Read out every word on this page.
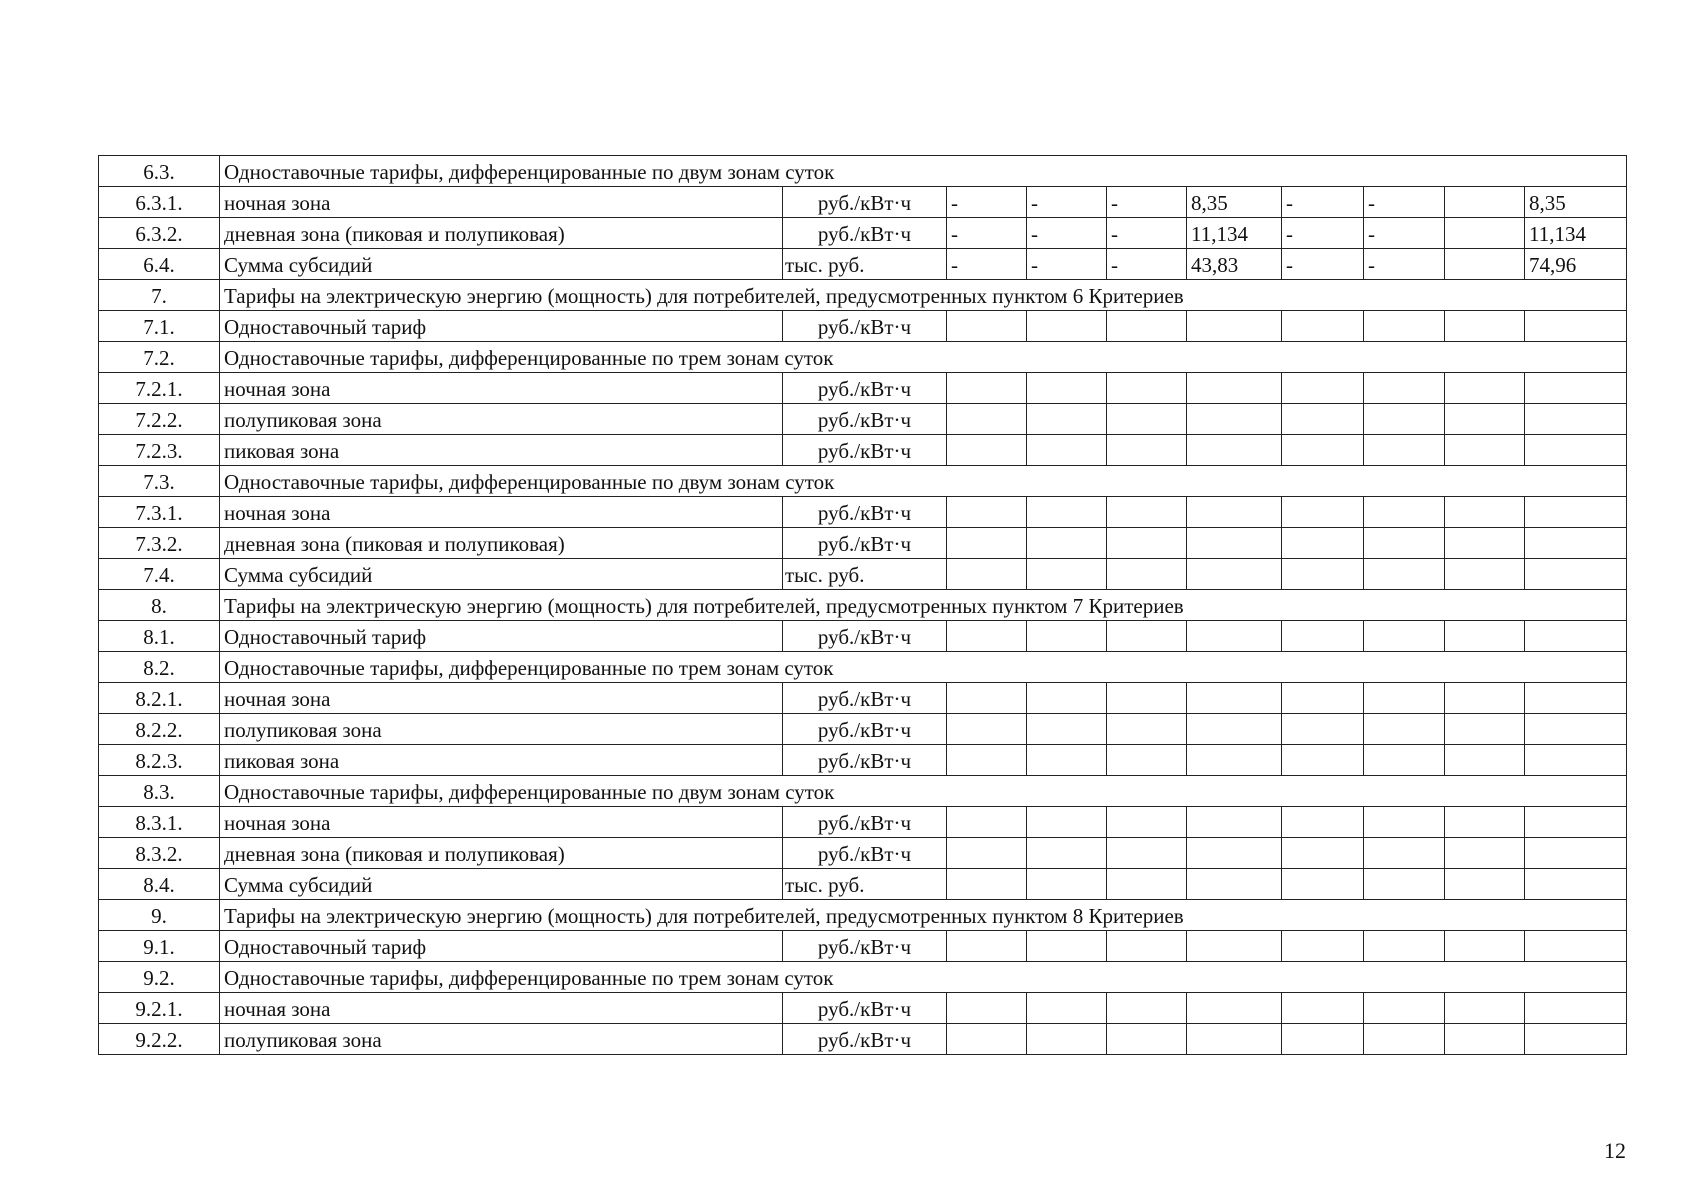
6.3.	Одноставочные тарифы, дифференцированные по двум зонам суток									
6.3.1.	ночная зона	руб./кВт·ч	-	-	-	8,35	-	-		8,35
6.3.2.	дневная зона (пиковая и полупиковая)	руб./кВт·ч	-	-	-	11,134	-	-		11,134
6.4.	Сумма субсидий	тыс. руб.	-	-	-	43,83	-	-		74,96
7.	Тарифы на электрическую энергию (мощность) для потребителей, предусмотренных пунктом 6 Критериев									
7.1.	Одноставочный тариф	руб./кВт·ч								
7.2.	Одноставочные тарифы, дифференцированные по трем зонам суток									
7.2.1.	ночная зона	руб./кВт·ч								
7.2.2.	полупиковая зона	руб./кВт·ч								
7.2.3.	пиковая зона	руб./кВт·ч								
7.3.	Одноставочные тарифы, дифференцированные по двум зонам суток									
7.3.1.	ночная зона	руб./кВт·ч								
7.3.2.	дневная зона (пиковая и полупиковая)	руб./кВт·ч								
7.4.	Сумма субсидий	тыс. руб.								
8.	Тарифы на электрическую энергию (мощность) для потребителей, предусмотренных пунктом 7 Критериев									
8.1.	Одноставочный тариф	руб./кВт·ч								
8.2.	Одноставочные тарифы, дифференцированные по трем зонам суток									
8.2.1.	ночная зона	руб./кВт·ч								
8.2.2.	полупиковая зона	руб./кВт·ч								
8.2.3.	пиковая зона	руб./кВт·ч								
8.3.	Одноставочные тарифы, дифференцированные по двум зонам суток									
8.3.1.	ночная зона	руб./кВт·ч								
8.3.2.	дневная зона (пиковая и полупиковая)	руб./кВт·ч								
8.4.	Сумма субсидий	тыс. руб.								
9.	Тарифы на электрическую энергию (мощность) для потребителей, предусмотренных пунктом 8 Критериев									
9.1.	Одноставочный тариф	руб./кВт·ч								
9.2.	Одноставочные тарифы, дифференцированные по трем зонам суток									
9.2.1.	ночная зона	руб./кВт·ч								
9.2.2.	полупиковая зона	руб./кВт·ч								
12
